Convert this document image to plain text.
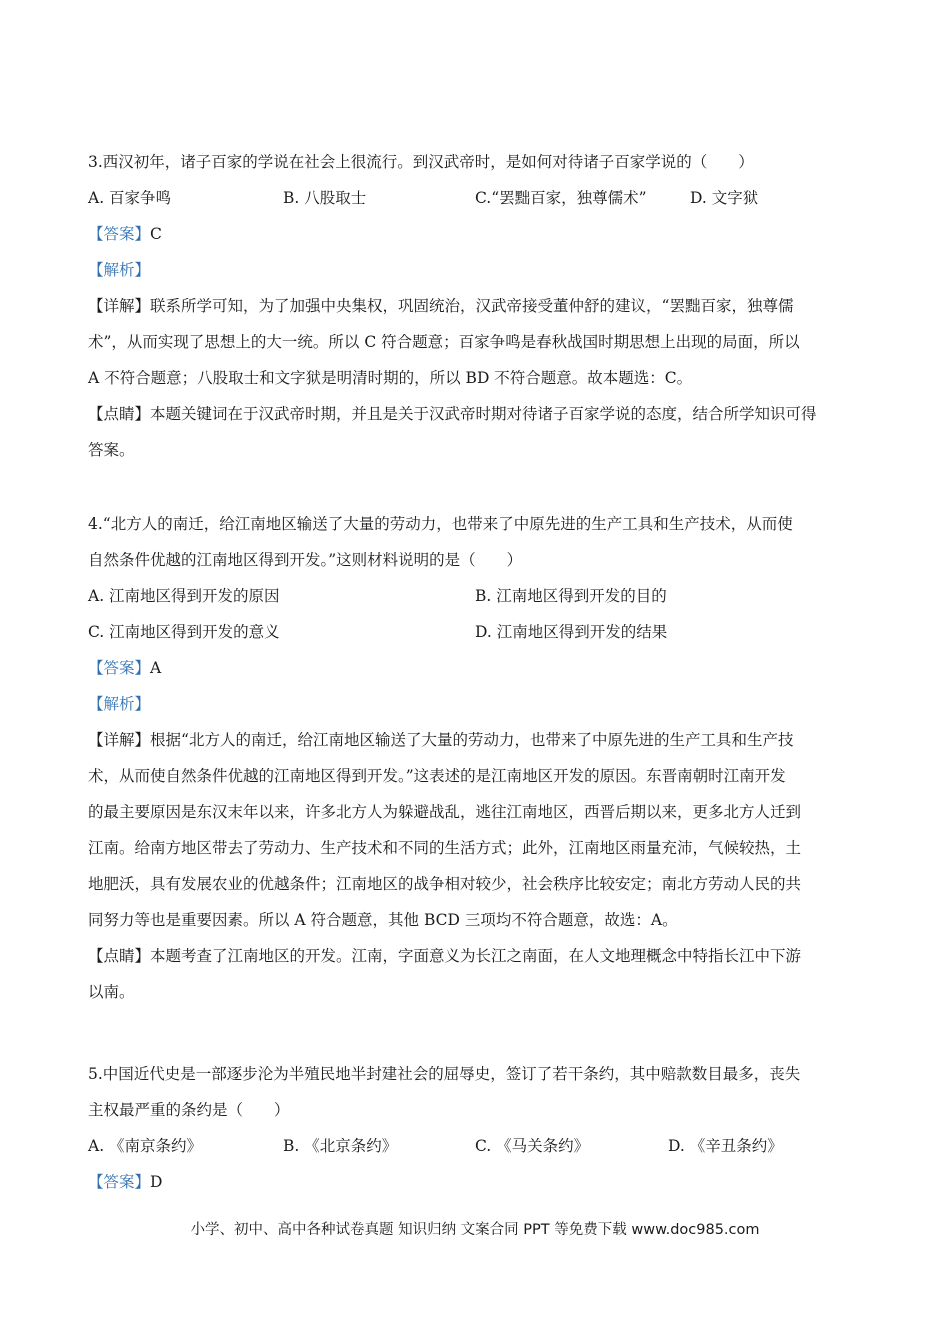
3.西汉初年，诸子百家的学说在社会上很流行。到汉武帝时，是如何对待诸子百家学说的（　　）
A. 百家争鸣	B. 八股取士	C.“罢黜百家，独尊儒术”	D. 文字狱
【答案】C
【解析】
【详解】联系所学可知，为了加强中央集权，巩固统治，汉武帝接受董仲舒的建议，“罢黜百家，独尊儒
术”，从而实现了思想上的大一统。所以 C 符合题意；百家争鸣是春秋战国时期思想上出现的局面，所以
A 不符合题意；八股取士和文字狱是明清时期的，所以 BD 不符合题意。故本题选：C。
【点睛】本题关键词在于汉武帝时期，并且是关于汉武帝时期对待诸子百家学说的态度，结合所学知识可得
答案。
4.“北方人的南迁，给江南地区输送了大量的劳动力，也带来了中原先进的生产工具和生产技术，从而使
自然条件优越的江南地区得到开发。”这则材料说明的是（　　）
A. 江南地区得到开发的原因	B. 江南地区得到开发的目的
C. 江南地区得到开发的意义	D. 江南地区得到开发的结果
【答案】A
【解析】
【详解】根据“北方人的南迁，给江南地区输送了大量的劳动力，也带来了中原先进的生产工具和生产技
术，从而使自然条件优越的江南地区得到开发。”这表述的是江南地区开发的原因。东晋南朝时江南开发
的最主要原因是东汉末年以来，许多北方人为躲避战乱，逃往江南地区，西晋后期以来，更多北方人迁到
江南。给南方地区带去了劳动力、生产技术和不同的生活方式；此外，江南地区雨量充沛，气候较热，土
地肥沃，具有发展农业的优越条件；江南地区的战争相对较少，社会秩序比较安定；南北方劳动人民的共
同努力等也是重要因素。所以 A 符合题意，其他 BCD 三项均不符合题意，故选：A。
【点睛】本题考查了江南地区的开发。江南，字面意义为长江之南面，在人文地理概念中特指长江中下游
以南。
5.中国近代史是一部逐步沦为半殖民地半封建社会的屈辱史，签订了若干条约，其中赔款数目最多，丧失
主权最严重的条约是（　　）
A. 《南京条约》	B. 《北京条约》	C. 《马关条约》	D. 《辛丑条约》
【答案】D
小学、初中、高中各种试卷真题 知识归纳 文案合同 PPT 等免费下载 www.doc985.com
